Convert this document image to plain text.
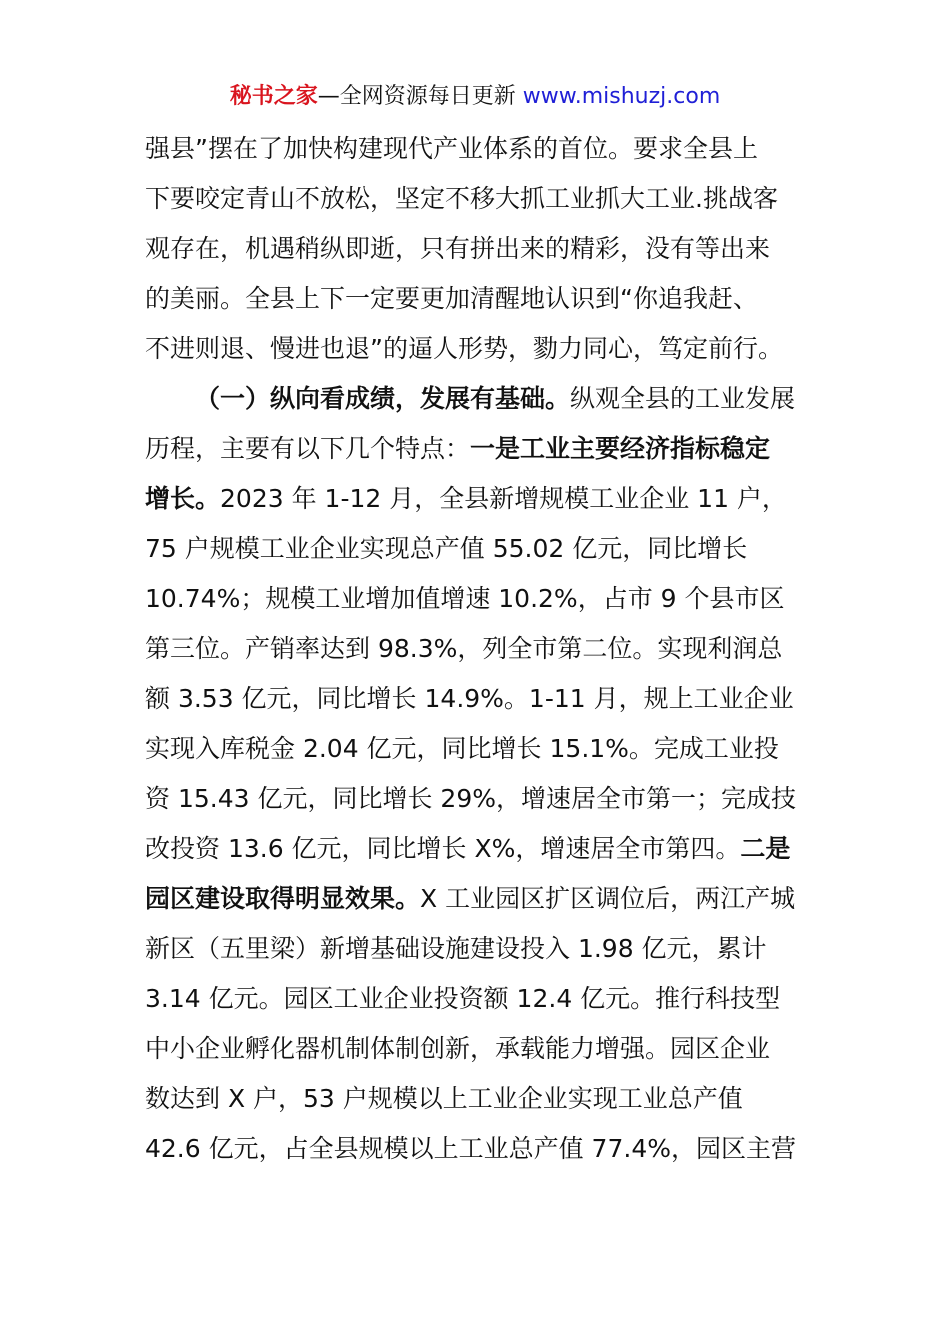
秘书之家—全网资源每日更新 www.mishuzj.com
强县”摆在了加快构建现代产业体系的首位。要求全县上
下要咬定青山不放松，坚定不移大抓工业抓大工业.挑战客
观存在，机遇稍纵即逝，只有拼出来的精彩，没有等出来
的美丽。全县上下一定要更加清醒地认识到“你追我赶、
不进则退、慢进也退”的逼人形势，勠力同心，笃定前行。
（一）纵向看成绩，发展有基础。纵观全县的工业发展
历程，主要有以下几个特点：一是工业主要经济指标稳定
增长。2023 年 1-12 月，全县新增规模工业企业 11 户，
75 户规模工业企业实现总产值 55.02 亿元，同比增长
10.74%；规模工业增加值增速 10.2%，占市 9 个县市区
第三位。产销率达到 98.3%，列全市第二位。实现利润总
额 3.53 亿元，同比增长 14.9%。1-11 月，规上工业企业
实现入库税金 2.04 亿元，同比增长 15.1%。完成工业投
资 15.43 亿元，同比增长 29%，增速居全市第一；完成技
改投资 13.6 亿元，同比增长 X%，增速居全市第四。二是
园区建设取得明显效果。X 工业园区扩区调位后，两江产城
新区（五里梁）新增基础设施建设投入 1.98 亿元，累计
3.14 亿元。园区工业企业投资额 12.4 亿元。推行科技型
中小企业孵化器机制体制创新，承载能力增强。园区企业
数达到 X 户，53 户规模以上工业企业实现工业总产值
42.6 亿元，占全县规模以上工业总产值 77.4%，园区主营
